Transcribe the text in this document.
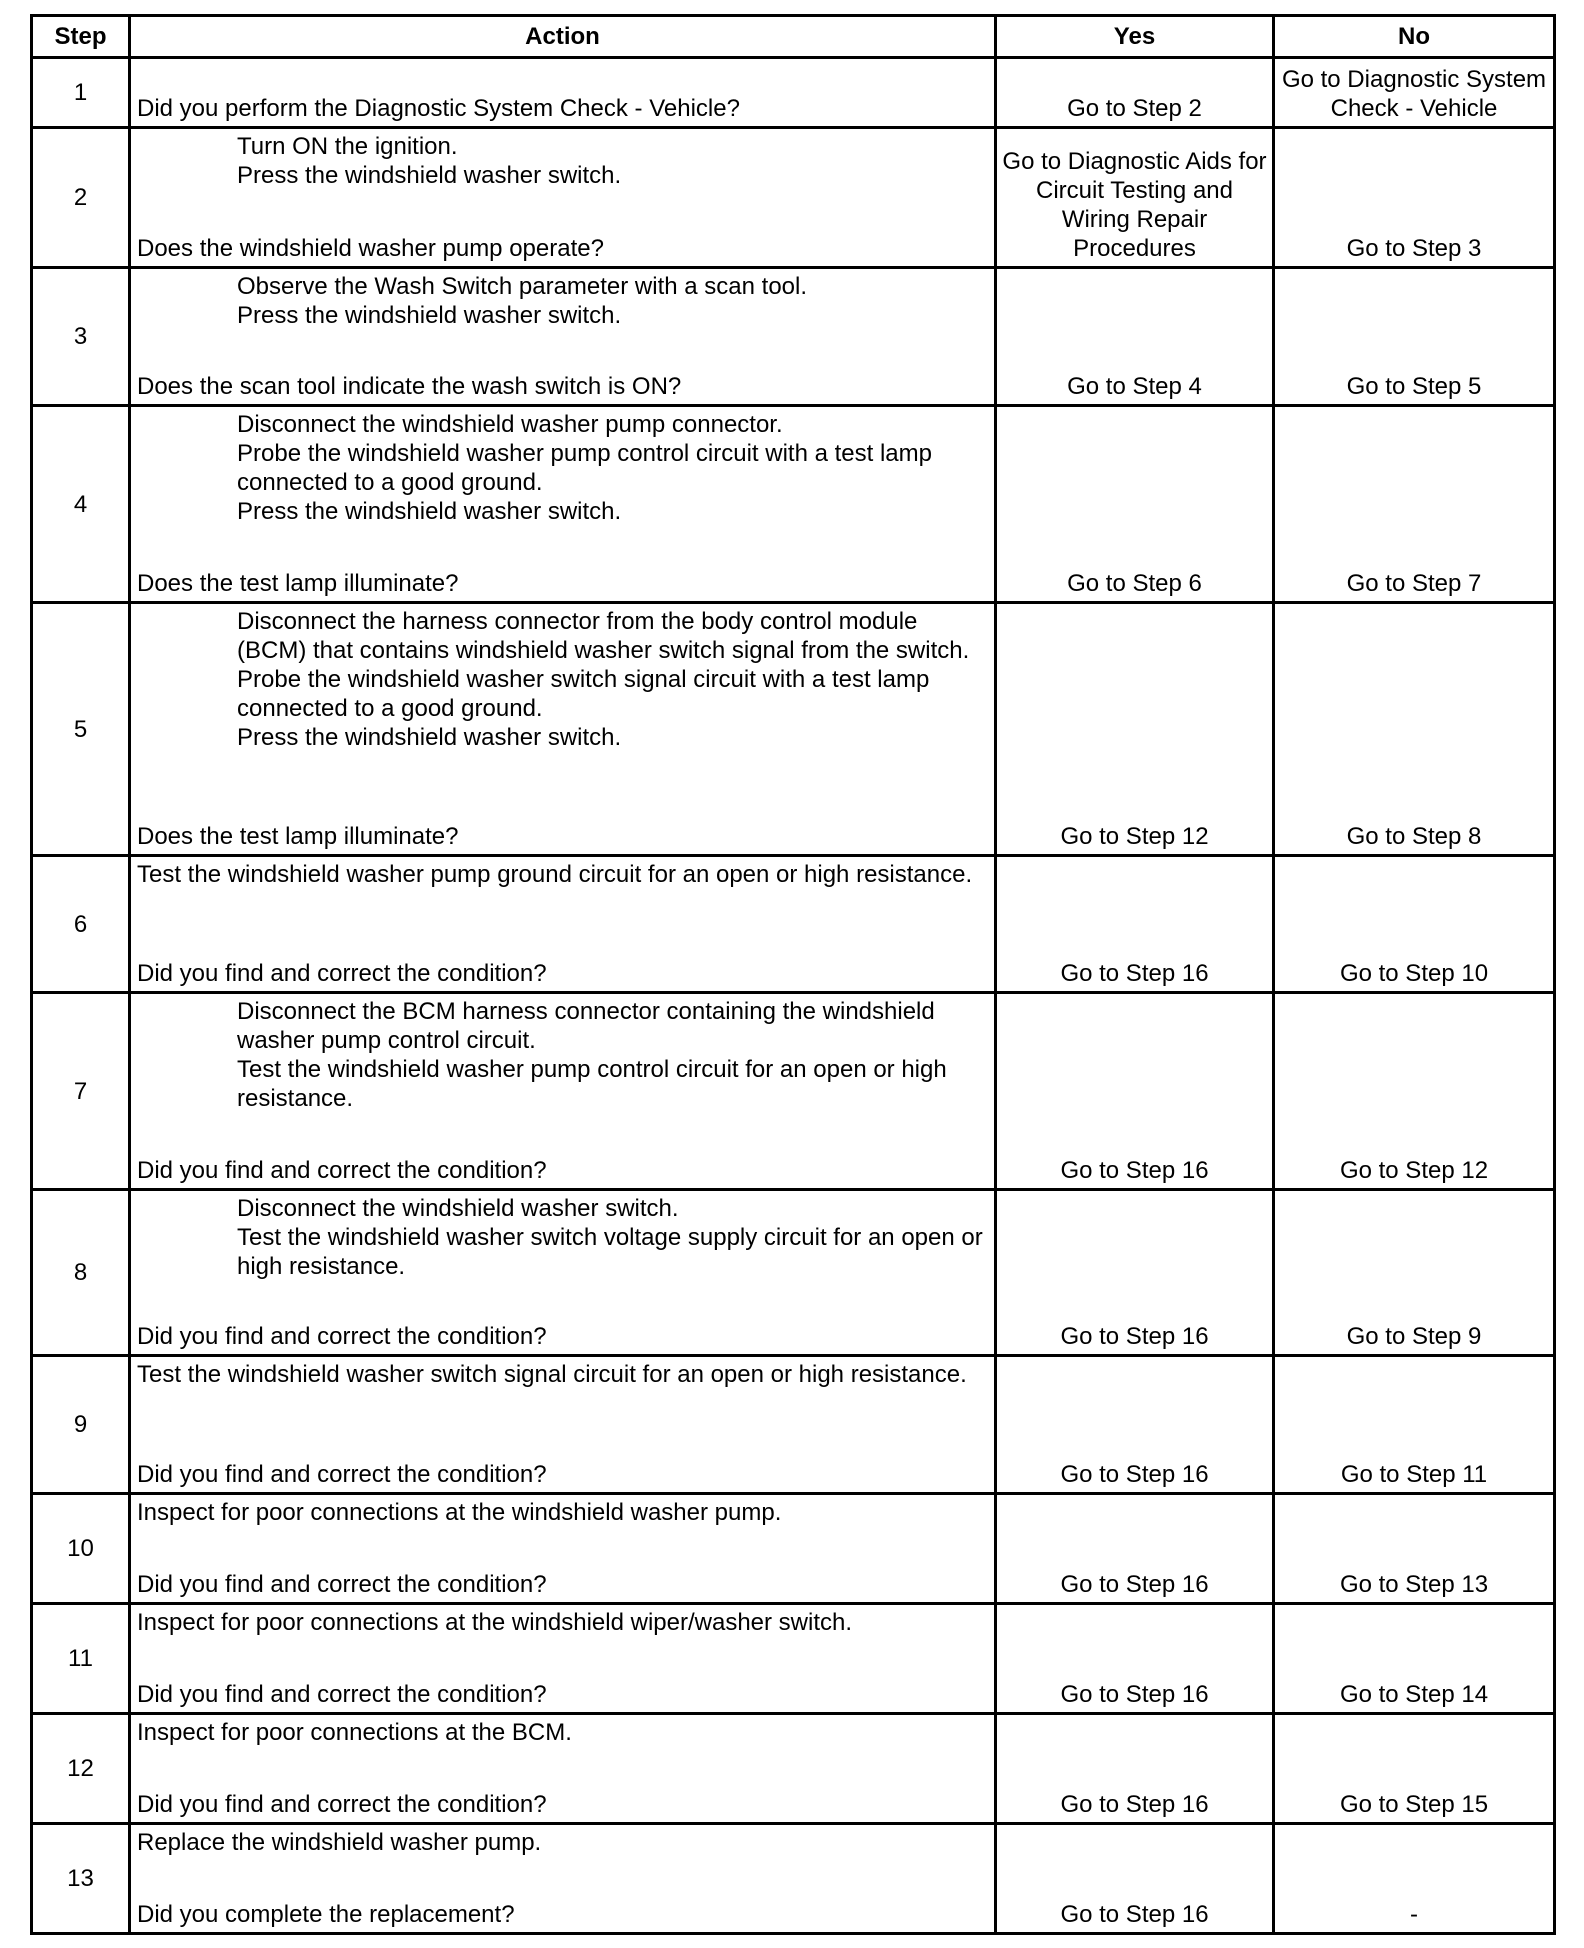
Step	Action	Yes	No
1	Did you perform the Diagnostic System Check - Vehicle?	Go to Step 2	Go to Diagnostic System Check - Vehicle
2	Turn ON the ignition.
Press the windshield washer switch.
Does the windshield washer pump operate?	Go to Diagnostic Aids for Circuit Testing and Wiring Repair Procedures	Go to Step 3
3	Observe the Wash Switch parameter with a scan tool.
Press the windshield washer switch.
Does the scan tool indicate the wash switch is ON?	Go to Step 4	Go to Step 5
4	Disconnect the windshield washer pump connector.
Probe the windshield washer pump control circuit with a test lamp connected to a good ground.
Press the windshield washer switch.
Does the test lamp illuminate?	Go to Step 6	Go to Step 7
5	Disconnect the harness connector from the body control module (BCM) that contains windshield washer switch signal from the switch.
Probe the windshield washer switch signal circuit with a test lamp connected to a good ground.
Press the windshield washer switch.
Does the test lamp illuminate?	Go to Step 12	Go to Step 8
6	Test the windshield washer pump ground circuit for an open or high resistance.
Did you find and correct the condition?	Go to Step 16	Go to Step 10
7	Disconnect the BCM harness connector containing the windshield washer pump control circuit.
Test the windshield washer pump control circuit for an open or high resistance.
Did you find and correct the condition?	Go to Step 16	Go to Step 12
8	Disconnect the windshield washer switch.
Test the windshield washer switch voltage supply circuit for an open or high resistance.
Did you find and correct the condition?	Go to Step 16	Go to Step 9
9	Test the windshield washer switch signal circuit for an open or high resistance.
Did you find and correct the condition?	Go to Step 16	Go to Step 11
10	Inspect for poor connections at the windshield washer pump.
Did you find and correct the condition?	Go to Step 16	Go to Step 13
11	Inspect for poor connections at the windshield wiper/washer switch.
Did you find and correct the condition?	Go to Step 16	Go to Step 14
12	Inspect for poor connections at the BCM.
Did you find and correct the condition?	Go to Step 16	Go to Step 15
13	Replace the windshield washer pump.
Did you complete the replacement?	Go to Step 16	-
